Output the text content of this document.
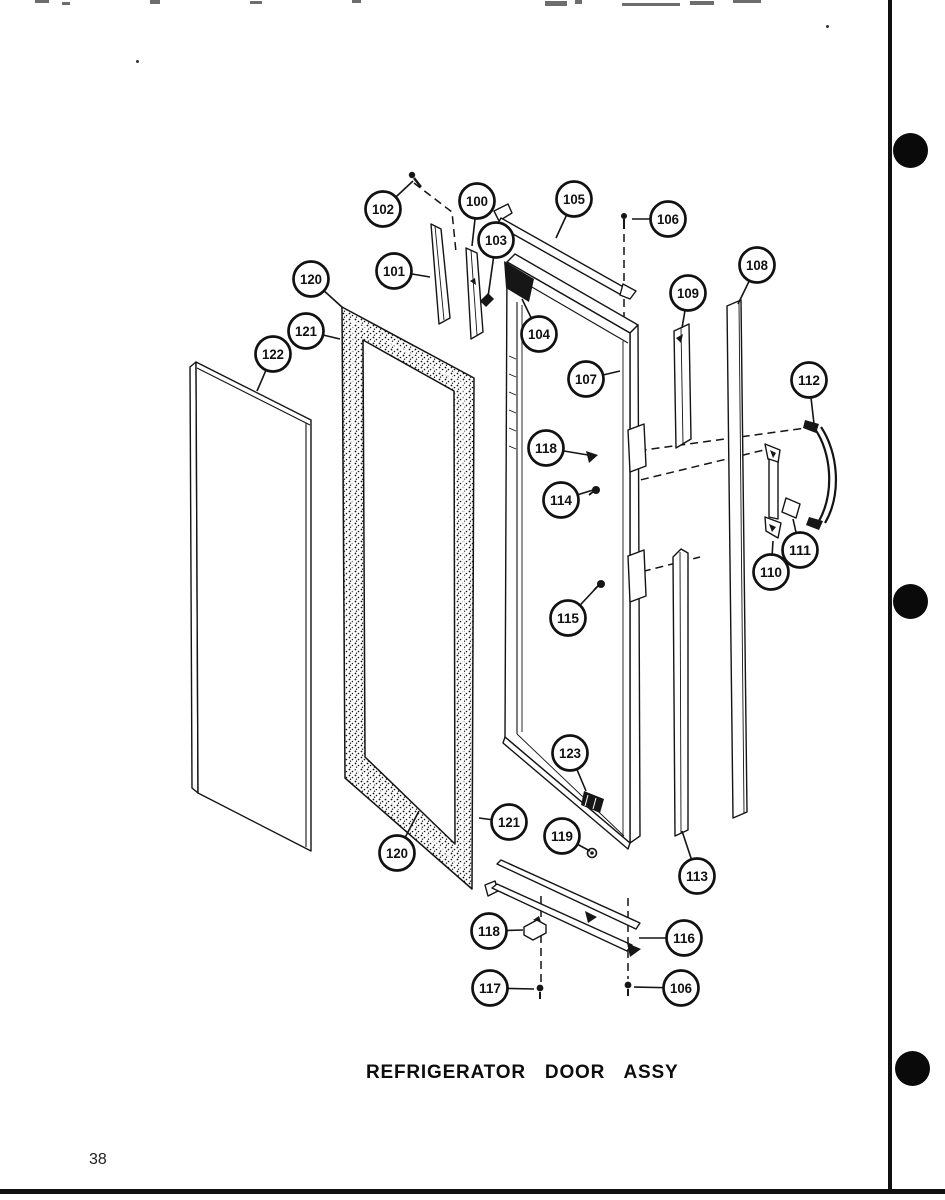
102
100
103
105
106
101
109
108
120
121
122
104
107	112
118
114
111
110
115
123
121
119
113
120
118	116
117	106
REFRIGERATOR DOOR ASSY
38
